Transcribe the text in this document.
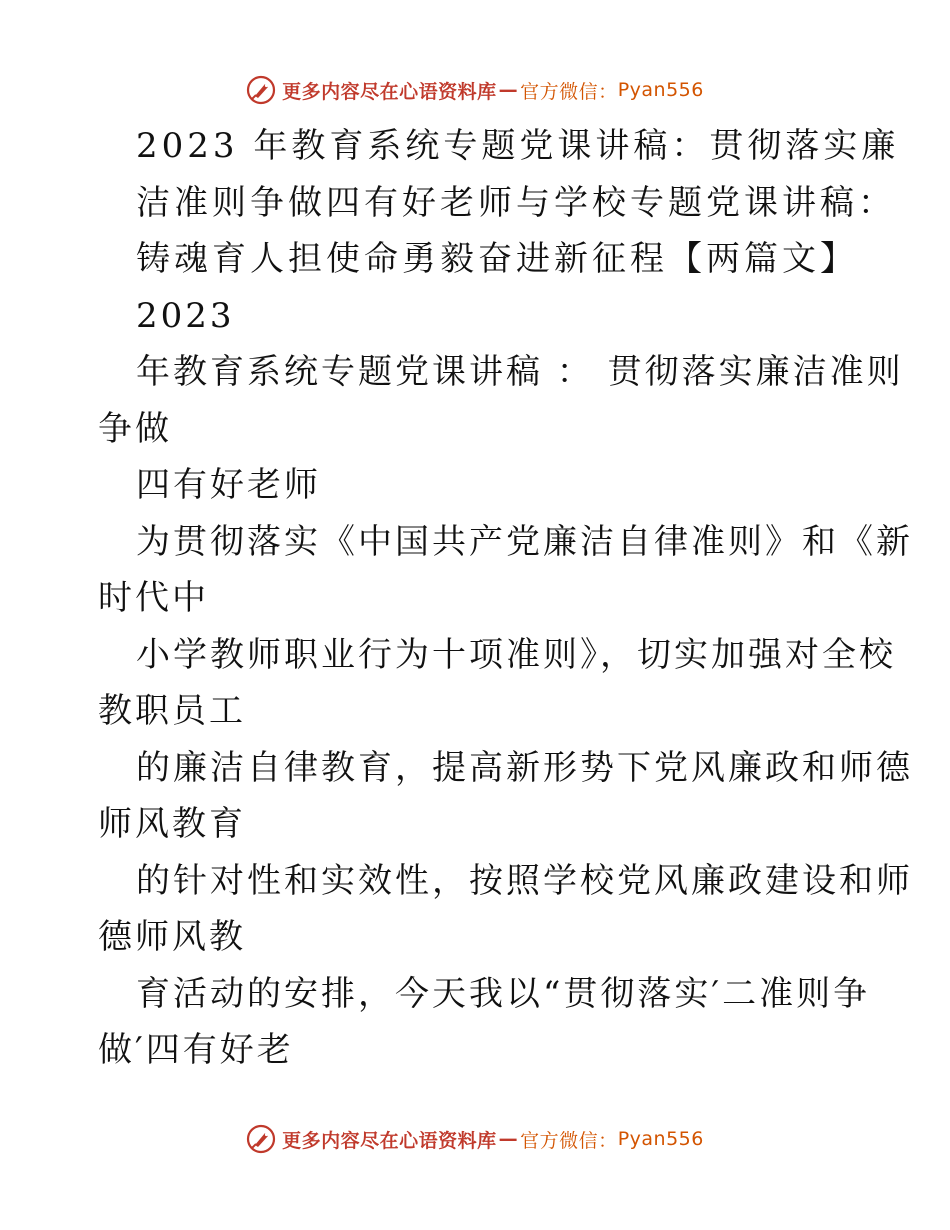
更多内容尽在心语资料库 — 官方微信： Pyan556
2023 年教育系统专题党课讲稿：贯彻落实廉
洁准则争做四有好老师与学校专题党课讲稿：
铸魂育人担使命勇毅奋进新征程【两篇文】
2023
年教育系统专题党课讲稿 ： 贯彻落实廉洁准则
争做
四有好老师
为贯彻落实《中国共产党廉洁自律准则》和《新
时代中
小学教师职业行为十项准则》，切实加强对全校
教职员工
的廉洁自律教育，提高新形势下党风廉政和师德
师风教育
的针对性和实效性，按照学校党风廉政建设和师
德师风教
育活动的安排，今天我以“贯彻落实′二准则争
做′四有好老
更多内容尽在心语资料库 — 官方微信： Pyan556
